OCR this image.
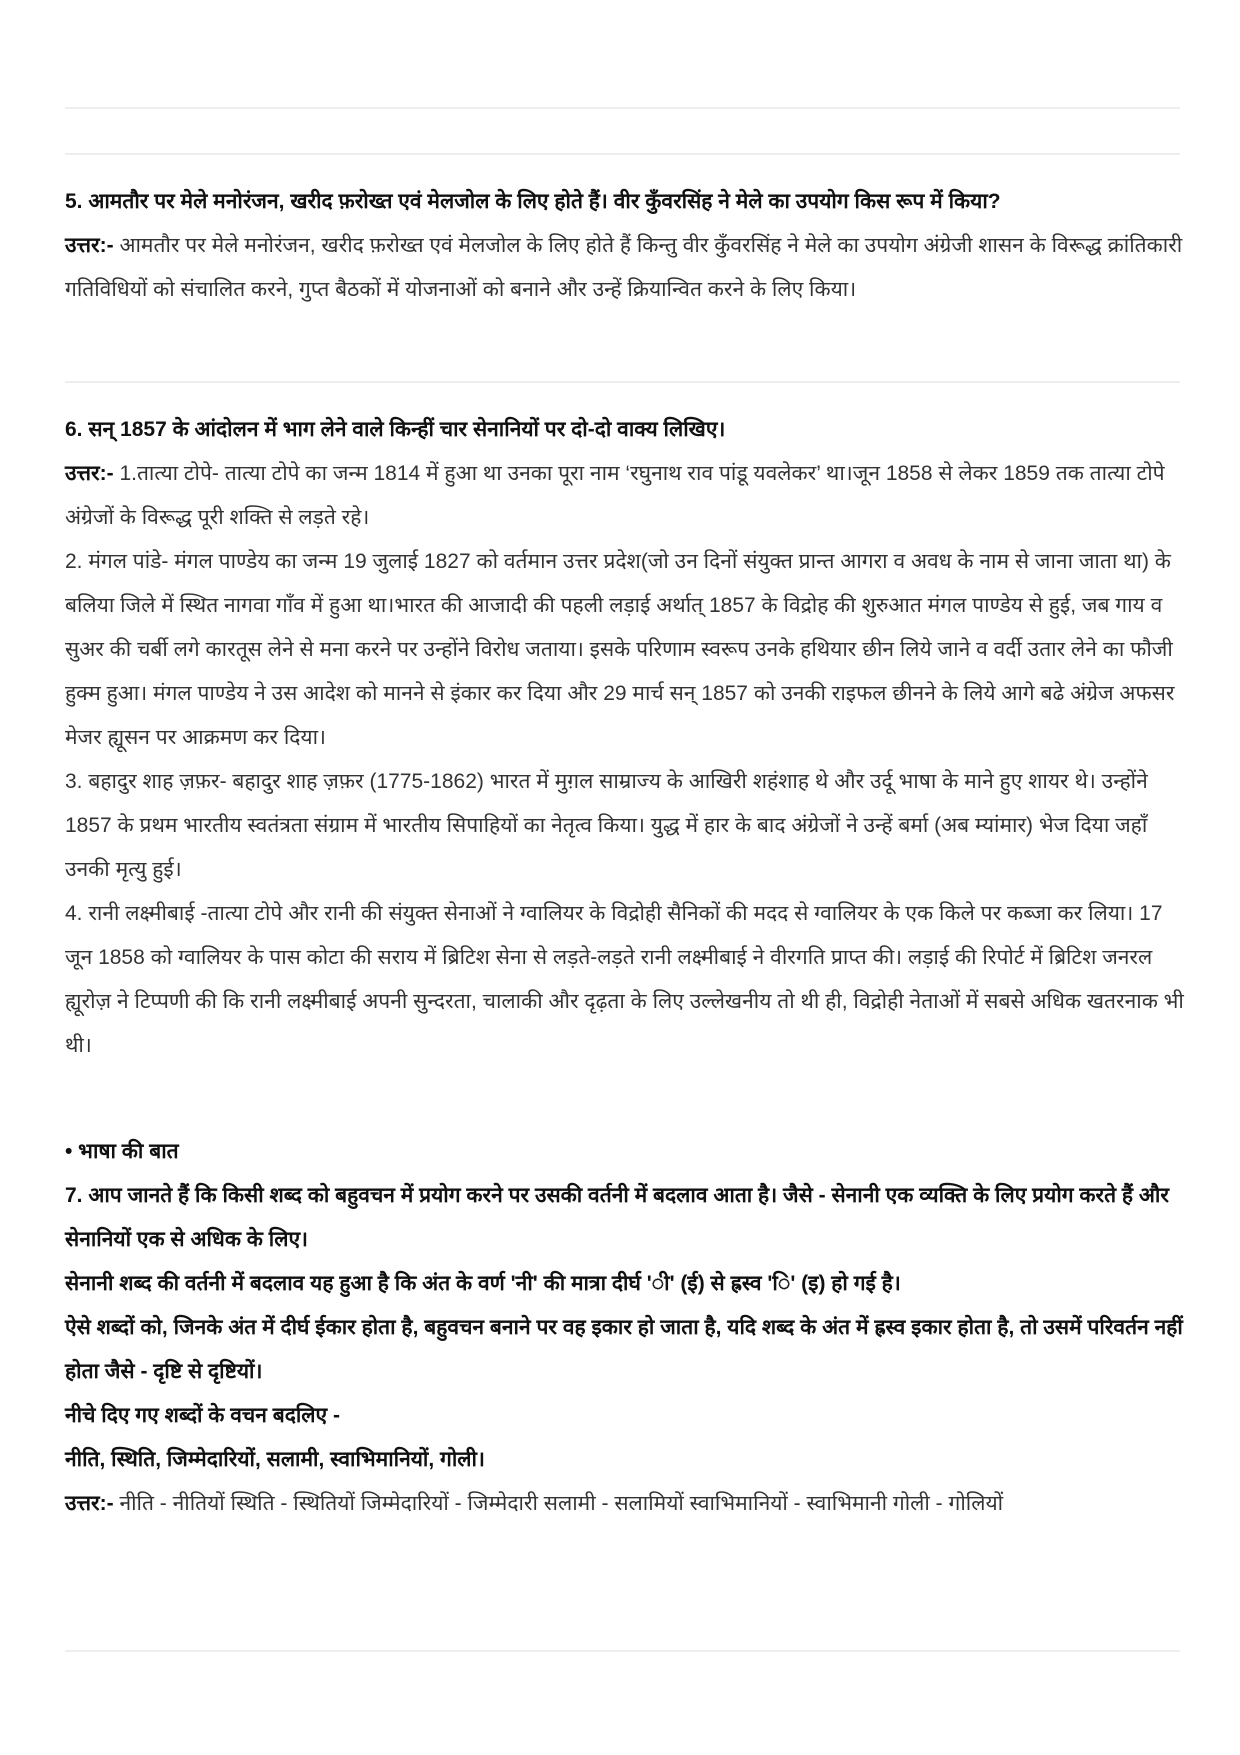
5. आमतौर पर मेले मनोरंजन, खरीद फ़रोख्त एवं मेलजोल के लिए होते हैं। वीर कुँवरसिंह ने मेले का उपयोग किस रूप में किया?

उत्तर:- आमतौर पर मेले मनोरंजन, खरीद फ़रोख्त एवं मेलजोल के लिए होते हैं किन्तु वीर कुँवरसिंह ने मेले का उपयोग अंग्रेजी शासन के विरूद्ध क्रांतिकारी गतिविधियों को संचालित करने, गुप्त बैठकों में योजनाओं को बनाने और उन्हें क्रियान्वित करने के लिए किया।

6. सन् 1857 के आंदोलन में भाग लेने वाले किन्हीं चार सेनानियों पर दो-दो वाक्य लिखिए।

उत्तर:- 1.तात्या टोपे- तात्या टोपे का जन्म 1814 में हुआ था उनका पूरा नाम ‘रघुनाथ राव पांडू यवलेकर’ था।जून 1858 से लेकर 1859 तक तात्या टोपे अंग्रेजों के विरूद्ध पूरी शक्ति से लड़ते रहे।

2. मंगल पांडे- मंगल पाण्डेय का जन्म 19 जुलाई 1827 को वर्तमान उत्तर प्रदेश(जो उन दिनों संयुक्त प्रान्त आगरा व अवध के नाम से जाना जाता था) के बलिया जिले में स्थित नागवा गाँव में हुआ था।भारत की आजादी की पहली लड़ाई अर्थात् 1857 के विद्रोह की शुरुआत मंगल पाण्डेय से हुई, जब गाय व सुअर की चर्बी लगे कारतूस लेने से मना करने पर उन्होंने विरोध जताया। इसके परिणाम स्वरूप उनके हथियार छीन लिये जाने व वर्दी उतार लेने का फौजी हुक्म हुआ। मंगल पाण्डेय ने उस आदेश को मानने से इंकार कर दिया और 29 मार्च सन् 1857 को उनकी राइफल छीनने के लिये आगे बढे अंग्रेज अफसर मेजर ह्यूसन पर आक्रमण कर दिया।

3. बहादुर शाह ज़फ़र- बहादुर शाह ज़फ़र (1775-1862) भारत में मुग़ल साम्राज्य के आखिरी शहंशाह थे और उर्दू भाषा के माने हुए शायर थे। उन्होंने 1857 के प्रथम भारतीय स्वतंत्रता संग्राम में भारतीय सिपाहियों का नेतृत्व किया। युद्ध में हार के बाद अंग्रेजों ने उन्हें बर्मा (अब म्यांमार) भेज दिया जहाँ उनकी मृत्यु हुई।

4. रानी लक्ष्मीबाई -तात्या टोपे और रानी की संयुक्त सेनाओं ने ग्वालियर के विद्रोही सैनिकों की मदद से ग्वालियर के एक किले पर कब्जा कर लिया। 17 जून 1858 को ग्वालियर के पास कोटा की सराय में ब्रिटिश सेना से लड़ते-लड़ते रानी लक्ष्मीबाई ने वीरगति प्राप्त की। लड़ाई की रिपोर्ट में ब्रिटिश जनरल ह्यूरोज़ ने टिप्पणी की कि रानी लक्ष्मीबाई अपनी सुन्दरता, चालाकी और दृढ़ता के लिए उल्लेखनीय तो थी ही, विद्रोही नेताओं में सबसे अधिक खतरनाक भी थी।

• भाषा की बात

7. आप जानते हैं कि किसी शब्द को बहुवचन में प्रयोग करने पर उसकी वर्तनी में बदलाव आता है। जैसे - सेनानी एक व्यक्ति के लिए प्रयोग करते हैं और सेनानियों एक से अधिक के लिए।

सेनानी शब्द की वर्तनी में बदलाव यह हुआ है कि अंत के वर्ण 'नी' की मात्रा दीर्घ '◌ी' (ई) से ह्रस्व '◌ि' (इ) हो गई है।

ऐसे शब्दों को, जिनके अंत में दीर्घ ईकार होता है, बहुवचन बनाने पर वह इकार हो जाता है, यदि शब्द के अंत में ह्रस्व इकार होता है, तो उसमें परिवर्तन नहीं होता जैसे - दृष्टि से दृष्टियों।

नीचे दिए गए शब्दों के वचन बदलिए -

नीति, स्थिति, जिम्मेदारियों, सलामी, स्वाभिमानियों, गोली।

उत्तर:- नीति - नीतियों स्थिति - स्थितियों जिम्मेदारियों - जिम्मेदारी सलामी - सलामियों स्वाभिमानियों - स्वाभिमानी गोली - गोलियों
